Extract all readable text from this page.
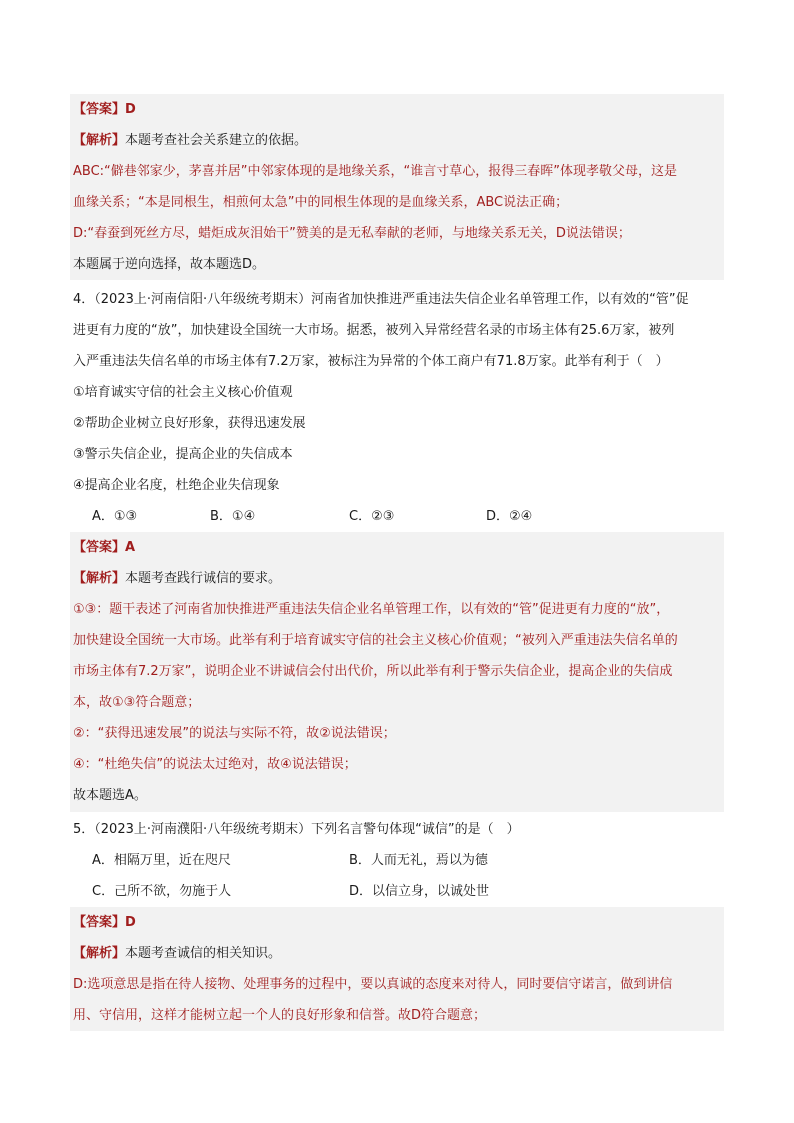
【答案】D
【解析】本题考查社会关系建立的依据。
ABC:“僻巷邻家少，茅喜并居”中邻家体现的是地缘关系，“谁言寸草心，报得三春晖”体现孝敬父母，这是
血缘关系；“本是同根生，相煎何太急”中的同根生体现的是血缘关系，ABC说法正确；
D:“春蚕到死丝方尽，蜡炬成灰泪始干”赞美的是无私奉献的老师，与地缘关系无关，D说法错误；
本题属于逆向选择，故本题选D。
4．（2023上·河南信阳·八年级统考期末）河南省加快推进严重违法失信企业名单管理工作，以有效的“管”促
进更有力度的“放”，加快建设全国统一大市场。据悉，被列入异常经营名录的市场主体有25.6万家，被列
入严重违法失信名单的市场主体有7.2万家，被标注为异常的个体工商户有71.8万家。此举有利于（　）
①培育诚实守信的社会主义核心价值观
②帮助企业树立良好形象，获得迅速发展
③警示失信企业，提高企业的失信成本
④提高企业名度，杜绝企业失信现象
A．①③	B．①④	C．②③	D．②④
【答案】A
【解析】本题考查践行诚信的要求。
①③：题干表述了河南省加快推进严重违法失信企业名单管理工作，以有效的“管”促进更有力度的“放”，
加快建设全国统一大市场。此举有利于培育诚实守信的社会主义核心价值观；“被列入严重违法失信名单的
市场主体有7.2万家”，说明企业不讲诚信会付出代价，所以此举有利于警示失信企业，提高企业的失信成
本，故①③符合题意；
②：“获得迅速发展”的说法与实际不符，故②说法错误；
④：“杜绝失信”的说法太过绝对，故④说法错误；
故本题选A。
5．（2023上·河南濮阳·八年级统考期末）下列名言警句体现“诚信”的是（　）
A．相隔万里，近在咫尺	B．人而无礼，焉以为德
C．己所不欲，勿施于人	D．以信立身，以诚处世
【答案】D
【解析】本题考查诚信的相关知识。
D:选项意思是指在待人接物、处理事务的过程中，要以真诚的态度来对待人，同时要信守诺言，做到讲信
用、守信用，这样才能树立起一个人的良好形象和信誉。故D符合题意；
